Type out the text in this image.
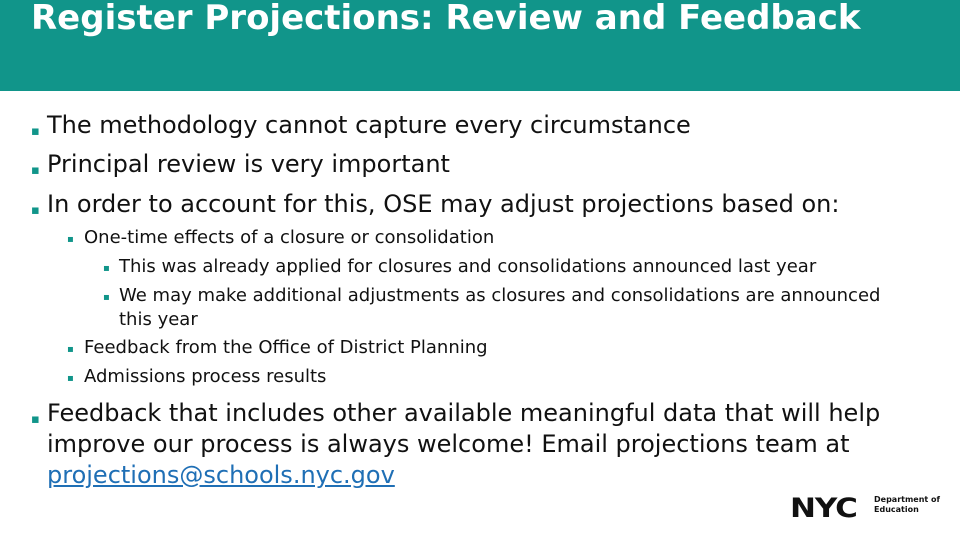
Register Projections: Review and Feedback
▪ The methodology cannot capture every circumstance
▪ Principal review is very important
▪ In order to account for this, OSE may adjust projections based on:
▪ One-time effects of a closure or consolidation
▪ This was already applied for closures and consolidations announced last year
▪ We may make additional adjustments as closures and consolidations are announced this year
▪ Feedback from the Office of District Planning
▪ Admissions process results
▪ Feedback that includes other available meaningful data that will help improve our process is always welcome! Email projections team at projections@schools.nyc.gov
NYC Department of Education
